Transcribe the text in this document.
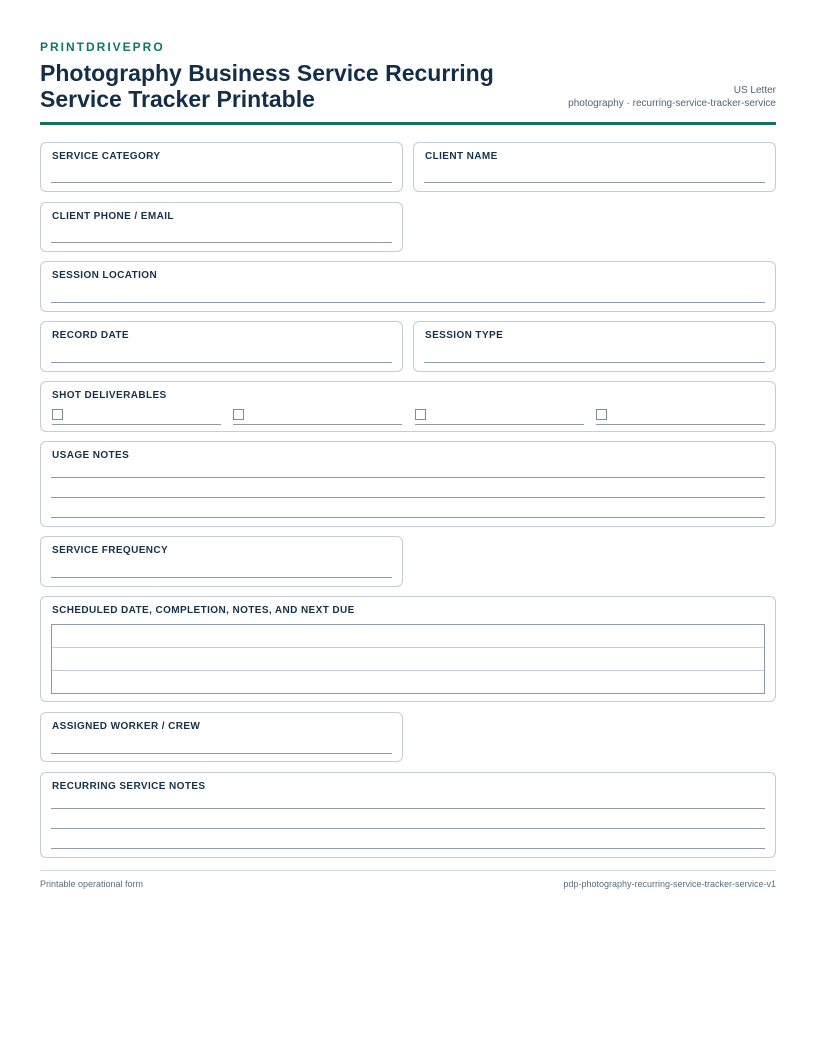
PRINTDRIVEPRO
Photography Business Service Recurring Service Tracker Printable	US Letter
photography · recurring-service-tracker-service
SERVICE CATEGORY	CLIENT NAME
CLIENT PHONE / EMAIL
SESSION LOCATION
RECORD DATE	SESSION TYPE
SHOT DELIVERABLES
USAGE NOTES
SERVICE FREQUENCY
SCHEDULED DATE, COMPLETION, NOTES, AND NEXT DUE
ASSIGNED WORKER / CREW
RECURRING SERVICE NOTES
Printable operational form	pdp-photography-recurring-service-tracker-service-v1
